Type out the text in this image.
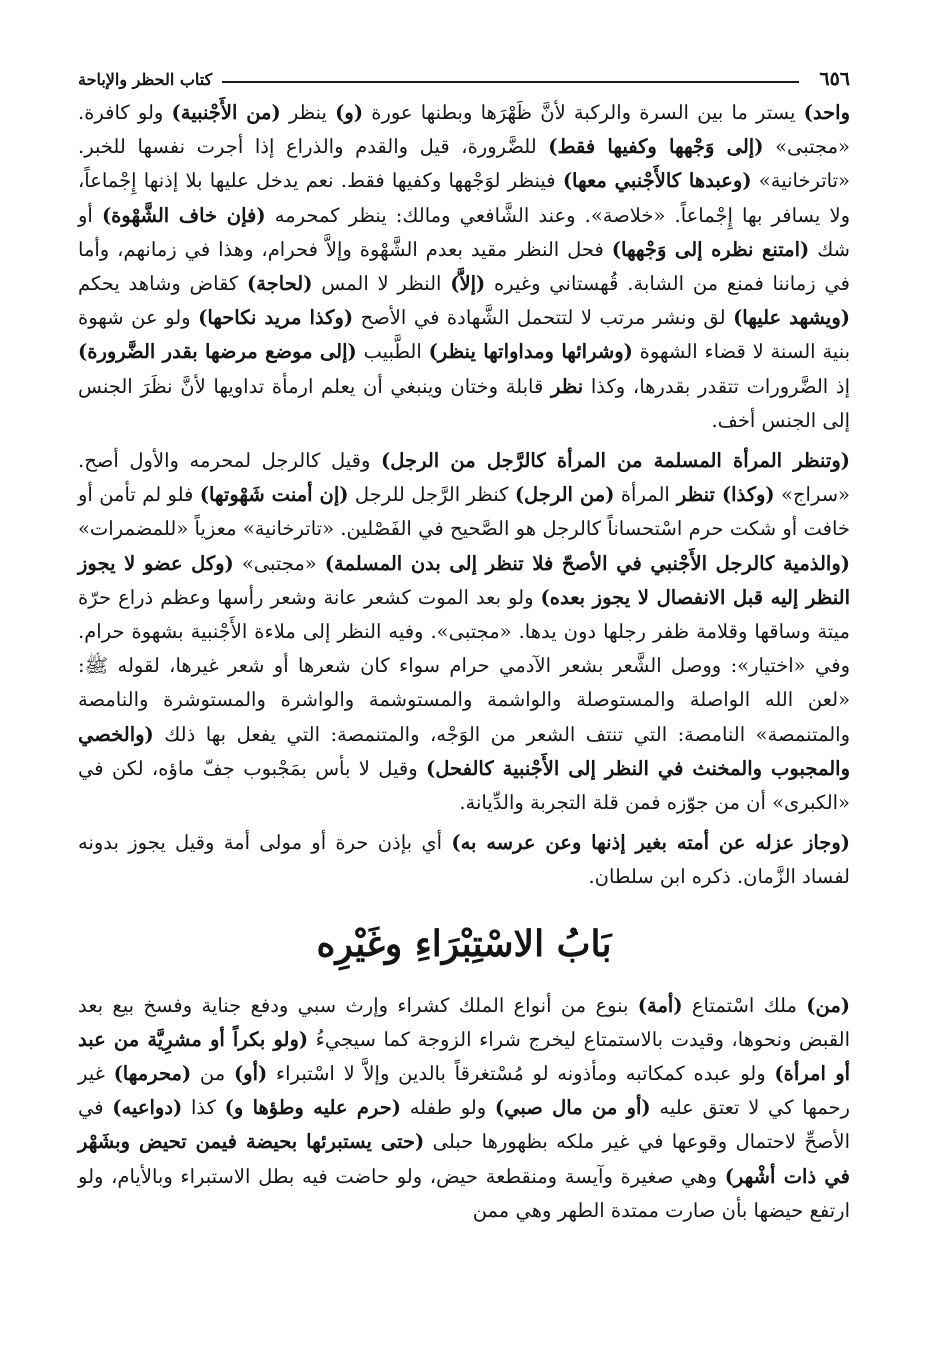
٦٥٦
كتاب الحظر والإباحة

واحد) يستر ما بين السرة والركبة لأنَّ ظَهْرَها وبطنها عورة (و) ينظر (من الأَجْنبية) ولو كافرة. «مجتبى» (إلى وَجْهها وكفيها فقط) للضَّرورة، قيل والقدم والذراع إذا أجرت نفسها للخبر. «تاترخانية» (وعبدها كالأَجْنبي معها) فينظر لوَجْهها وكفيها فقط. نعم يدخل عليها بلا إذنها إِجْماعاً، ولا يسافر بها إِجْماعاً. «خلاصة». وعند الشَّافعي ومالك: ينظر كمحرمه (فإن خاف الشَّهْوة) أو شك (امتنع نظره إلى وَجْهها) فحل النظر مقيد بعدم الشَّهْوة وإلاَّ فحرام، وهذا في زمانهم، وأما في زماننا فمنع من الشابة. قُهستاني وغيره (إلاَّ) النظر لا المس (لحاجة) كقاض وشاهد يحكم (ويشهد عليها) لق ونشر مرتب لا لتتحمل الشَّهادة في الأصح (وكذا مريد نكاحها) ولو عن شهوة بنية السنة لا قضاء الشهوة (وشرائها ومداواتها ينظر) الطَّبيب (إلى موضع مرضها بقدر الضَّرورة) إذ الضَّرورات تتقدر بقدرها، وكذا نظر قابلة وختان وينبغي أن يعلم ارمأة تداويها لأنَّ نظَرَ الجنس إلى الجنس أخف.

(وتنظر المرأة المسلمة من المرأة كالرَّجل من الرجل) وقيل كالرجل لمحرمه والأول أصح. «سراج» (وكذا) تنظر المرأة (من الرجل) كنظر الرَّجل للرجل (إن أمنت شَهْوتها) فلو لم تأمن أو خافت أو شكت حرم اسْتحساناً كالرجل هو الصَّحيح في الفَصْلين. «تاترخانية» معزياً «للمضمرات» (والذمية كالرجل الأَجْنبي في الأصحّ فلا تنظر إلى بدن المسلمة) «مجتبى» (وكل عضو لا يجوز النظر إليه قبل الانفصال لا يجوز بعده) ولو بعد الموت كشعر عانة وشعر رأسها وعظم ذراع حرّة ميتة وساقها وقلامة ظفر رجلها دون يدها. «مجتبى». وفيه النظر إلى ملاءة الأَجْنبية بشهوة حرام. وفي «اختيار»: ووصل الشَّعر بشعر الآدمي حرام سواء كان شعرها أو شعر غيرها، لقوله ﷺ: «لعن الله الواصلة والمستوصلة والواشمة والمستوشمة والواشرة والمستوشرة والنامصة والمتنمصة» النامصة: التي تنتف الشعر من الوَجْه، والمتنمصة: التي يفعل بها ذلك (والخصي والمجبوب والمخنث في النظر إلى الأَجْنبية كالفحل) وقيل لا بأس بمَجْبوب جفّ ماؤه، لكن في «الكبرى» أن من جوّزه فمن قلة التجربة والدِّيانة.

(وجاز عزله عن أمته بغير إذنها وعن عرسه به) أي بإذن حرة أو مولى أمة وقيل يجوز بدونه لفساد الزَّمان. ذكره ابن سلطان.

بَابُ الاسْتِبْرَاءِ وغَيْرِه

(من) ملك اسْتمتاع (أمة) بنوع من أنواع الملك كشراء وإرث سبي ودفع جناية وفسخ بيع بعد القبض ونحوها، وقيدت بالاستمتاع ليخرج شراء الزوجة كما سيجيءُ (ولو بكراً أو مشرِيَّة من عبد أو امرأة) ولو عبده كمكاتبه ومأذونه لو مُسْتغرقاً بالدين وإلاَّ لا اسْتبراء (أو) من (محرمها) غير رحمها كي لا تعتق عليه (أو من مال صبي) ولو طفله (حرم عليه وطؤها و) كذا (دواعيه) في الأصحِّ لاحتمال وقوعها في غير ملكه بظهورها حبلى (حتى يستبرئها بحيضة فيمن تحيض وبشَهْر في ذات أشْهر) وهي صغيرة وآيسة ومنقطعة حيض، ولو حاضت فيه بطل الاستبراء وبالأيام، ولو ارتفع حيضها بأن صارت ممتدة الطهر وهي ممن
